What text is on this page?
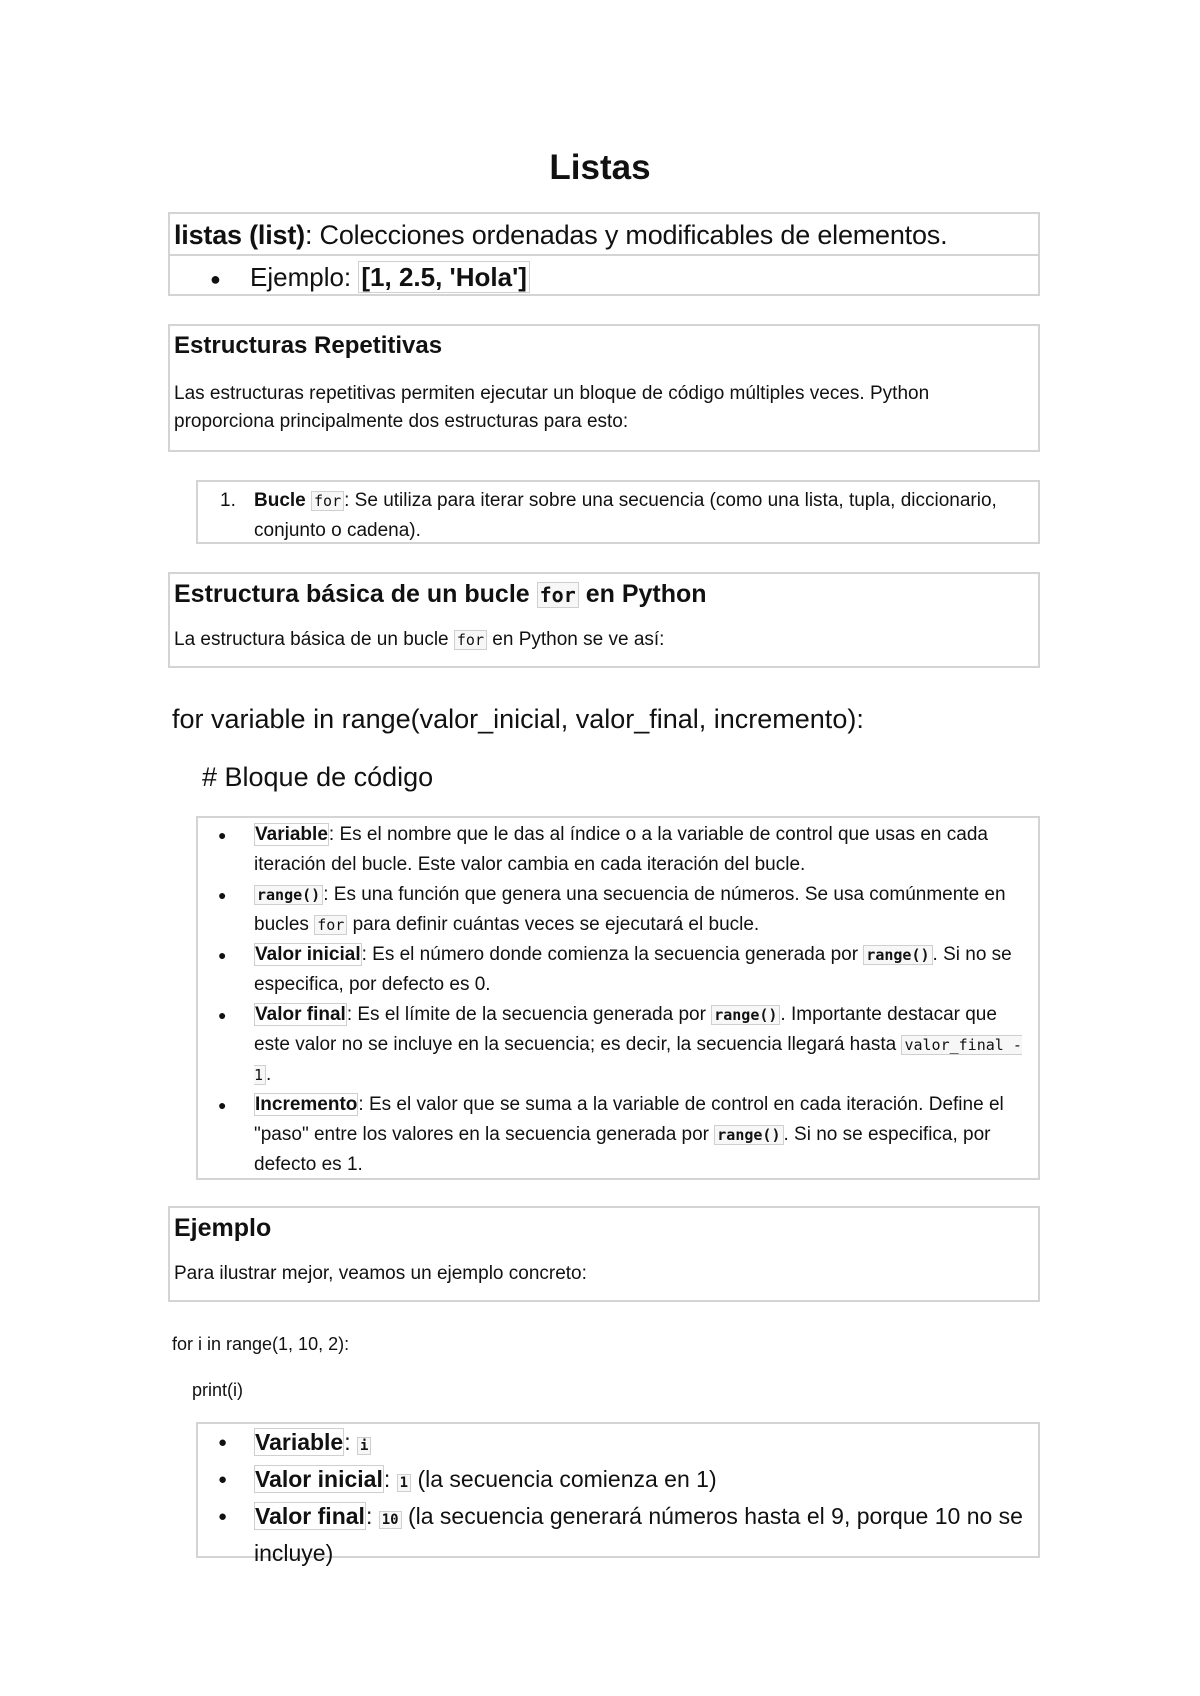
Listas
listas (list): Colecciones ordenadas y modificables de elementos.
● Ejemplo: [1, 2.5, 'Hola']

Estructuras Repetitivas

Las estructuras repetitivas permiten ejecutar un bloque de código múltiples veces. Python proporciona principalmente dos estructuras para esto:

1. Bucle for : Se utiliza para iterar sobre una secuencia (como una lista, tupla, diccionario, conjunto o cadena).

Estructura básica de un bucle for en Python

La estructura básica de un bucle for en Python se ve así:

for variable in range(valor_inicial, valor_final, incremento):

# Bloque de código

● Variable: Es el nombre que le das al índice o a la variable de control que usas en cada iteración del bucle. Este valor cambia en cada iteración del bucle.
● range() : Es una función que genera una secuencia de números. Se usa comúnmente en bucles for para definir cuántas veces se ejecutará el bucle.
● Valor inicial: Es el número donde comienza la secuencia generada por range() . Si no se especifica, por defecto es 0.
● Valor final: Es el límite de la secuencia generada por range() . Importante destacar que este valor no se incluye en la secuencia; es decir, la secuencia llegará hasta valor_final - 1 .
● Incremento: Es el valor que se suma a la variable de control en cada iteración. Define el "paso" entre los valores en la secuencia generada por range() . Si no se especifica, por defecto es 1.

Ejemplo

Para ilustrar mejor, veamos un ejemplo concreto:

for i in range(1, 10, 2):

print(i)

● Variable: i
● Valor inicial: 1 (la secuencia comienza en 1)
● Valor final: 10 (la secuencia generará números hasta el 9, porque 10 no se incluye)
